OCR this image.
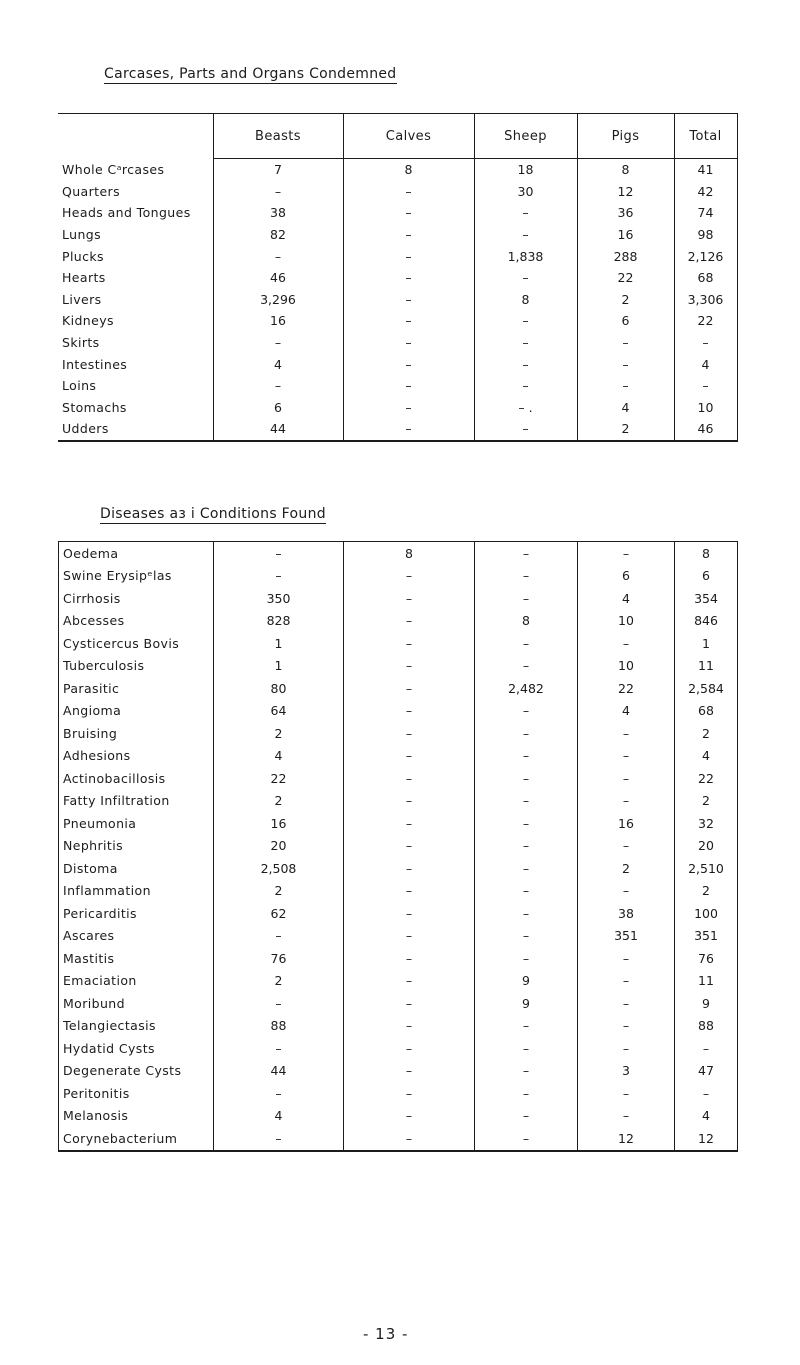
Carcases, Parts and Organs Condemned
	Beasts	Calves	Sheep	Pigs	Total
Whole Cᵃrcases	7	8	18	8	41
Quarters	–	–	30	12	42
Heads and Tongues	38	–	–	36	74
Lungs	82	–	–	16	98
Plucks	–	–	1,838	288	2,126
Hearts	46	–	–	22	68
Livers	3,296	–	8	2	3,306
Kidneys	16	–	–	6	22
Skirts	–	–	–	–	–
Intestines	4	–	–	–	4
Loins	–	–	–	–	–
Stomachs	6	–	– .	4	10
Udders	44	–	–	2	46
Diseases aз і Conditions Found
Oedema	–	8	–	–	8
Swine Erysipᵉlas	–	–	–	6	6
Cirrhosis	350	–	–	4	354
Abcesses	828	–	8	10	846
Cysticercus Bovis	1	–	–	–	1
Tuberculosis	1	–	–	10	11
Parasitic	80	–	2,482	22	2,584
Angioma	64	–	–	4	68
Bruising	2	–	–	–	2
Adhesions	4	–	–	–	4
Actinobacillosis	22	–	–	–	22
Fatty Infiltration	2	–	–	–	2
Pneumonia	16	–	–	16	32
Nephritis	20	–	–	–	20
Distoma	2,508	–	–	2	2,510
Inflammation	2	–	–	–	2
Pericarditis	62	–	–	38	100
Ascares	–	–	–	351	351
Mastitis	76	–	–	–	76
Emaciation	2	–	9	–	11
Moribund	–	–	9	–	9
Telangiectasis	88	–	–	–	88
Hydatid Cysts	–	–	–	–	–
Degenerate Cysts	44	–	–	3	47
Peritonitis	–	–	–	–	–
Melanosis	4	–	–	–	4
Corynebacterium	–	–	–	12	12
- 13 -
